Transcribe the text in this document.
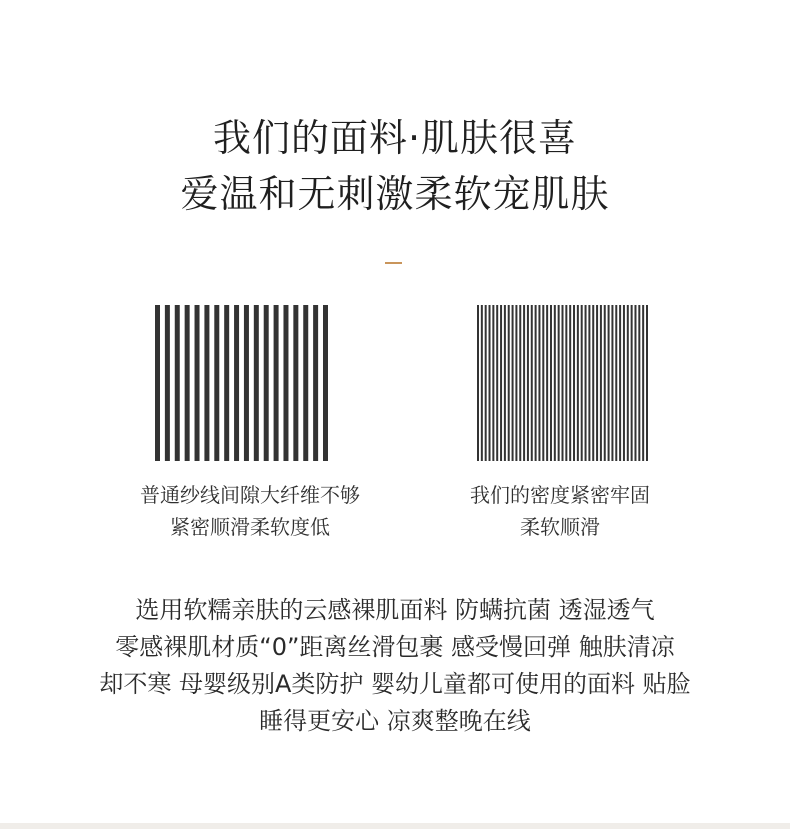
我们的面料·肌肤很喜
爱温和无刺激柔软宠肌肤
普通纱线间隙大纤维不够
紧密顺滑柔软度低
我们的密度紧密牢固
柔软顺滑
选用软糯亲肤的云感裸肌面料 防螨抗菌 透湿透气
零感裸肌材质“0”距离丝滑包裹 感受慢回弹 触肤清凉
却不寒 母婴级别A类防护 婴幼儿童都可使用的面料 贴脸
睡得更安心 凉爽整晚在线
